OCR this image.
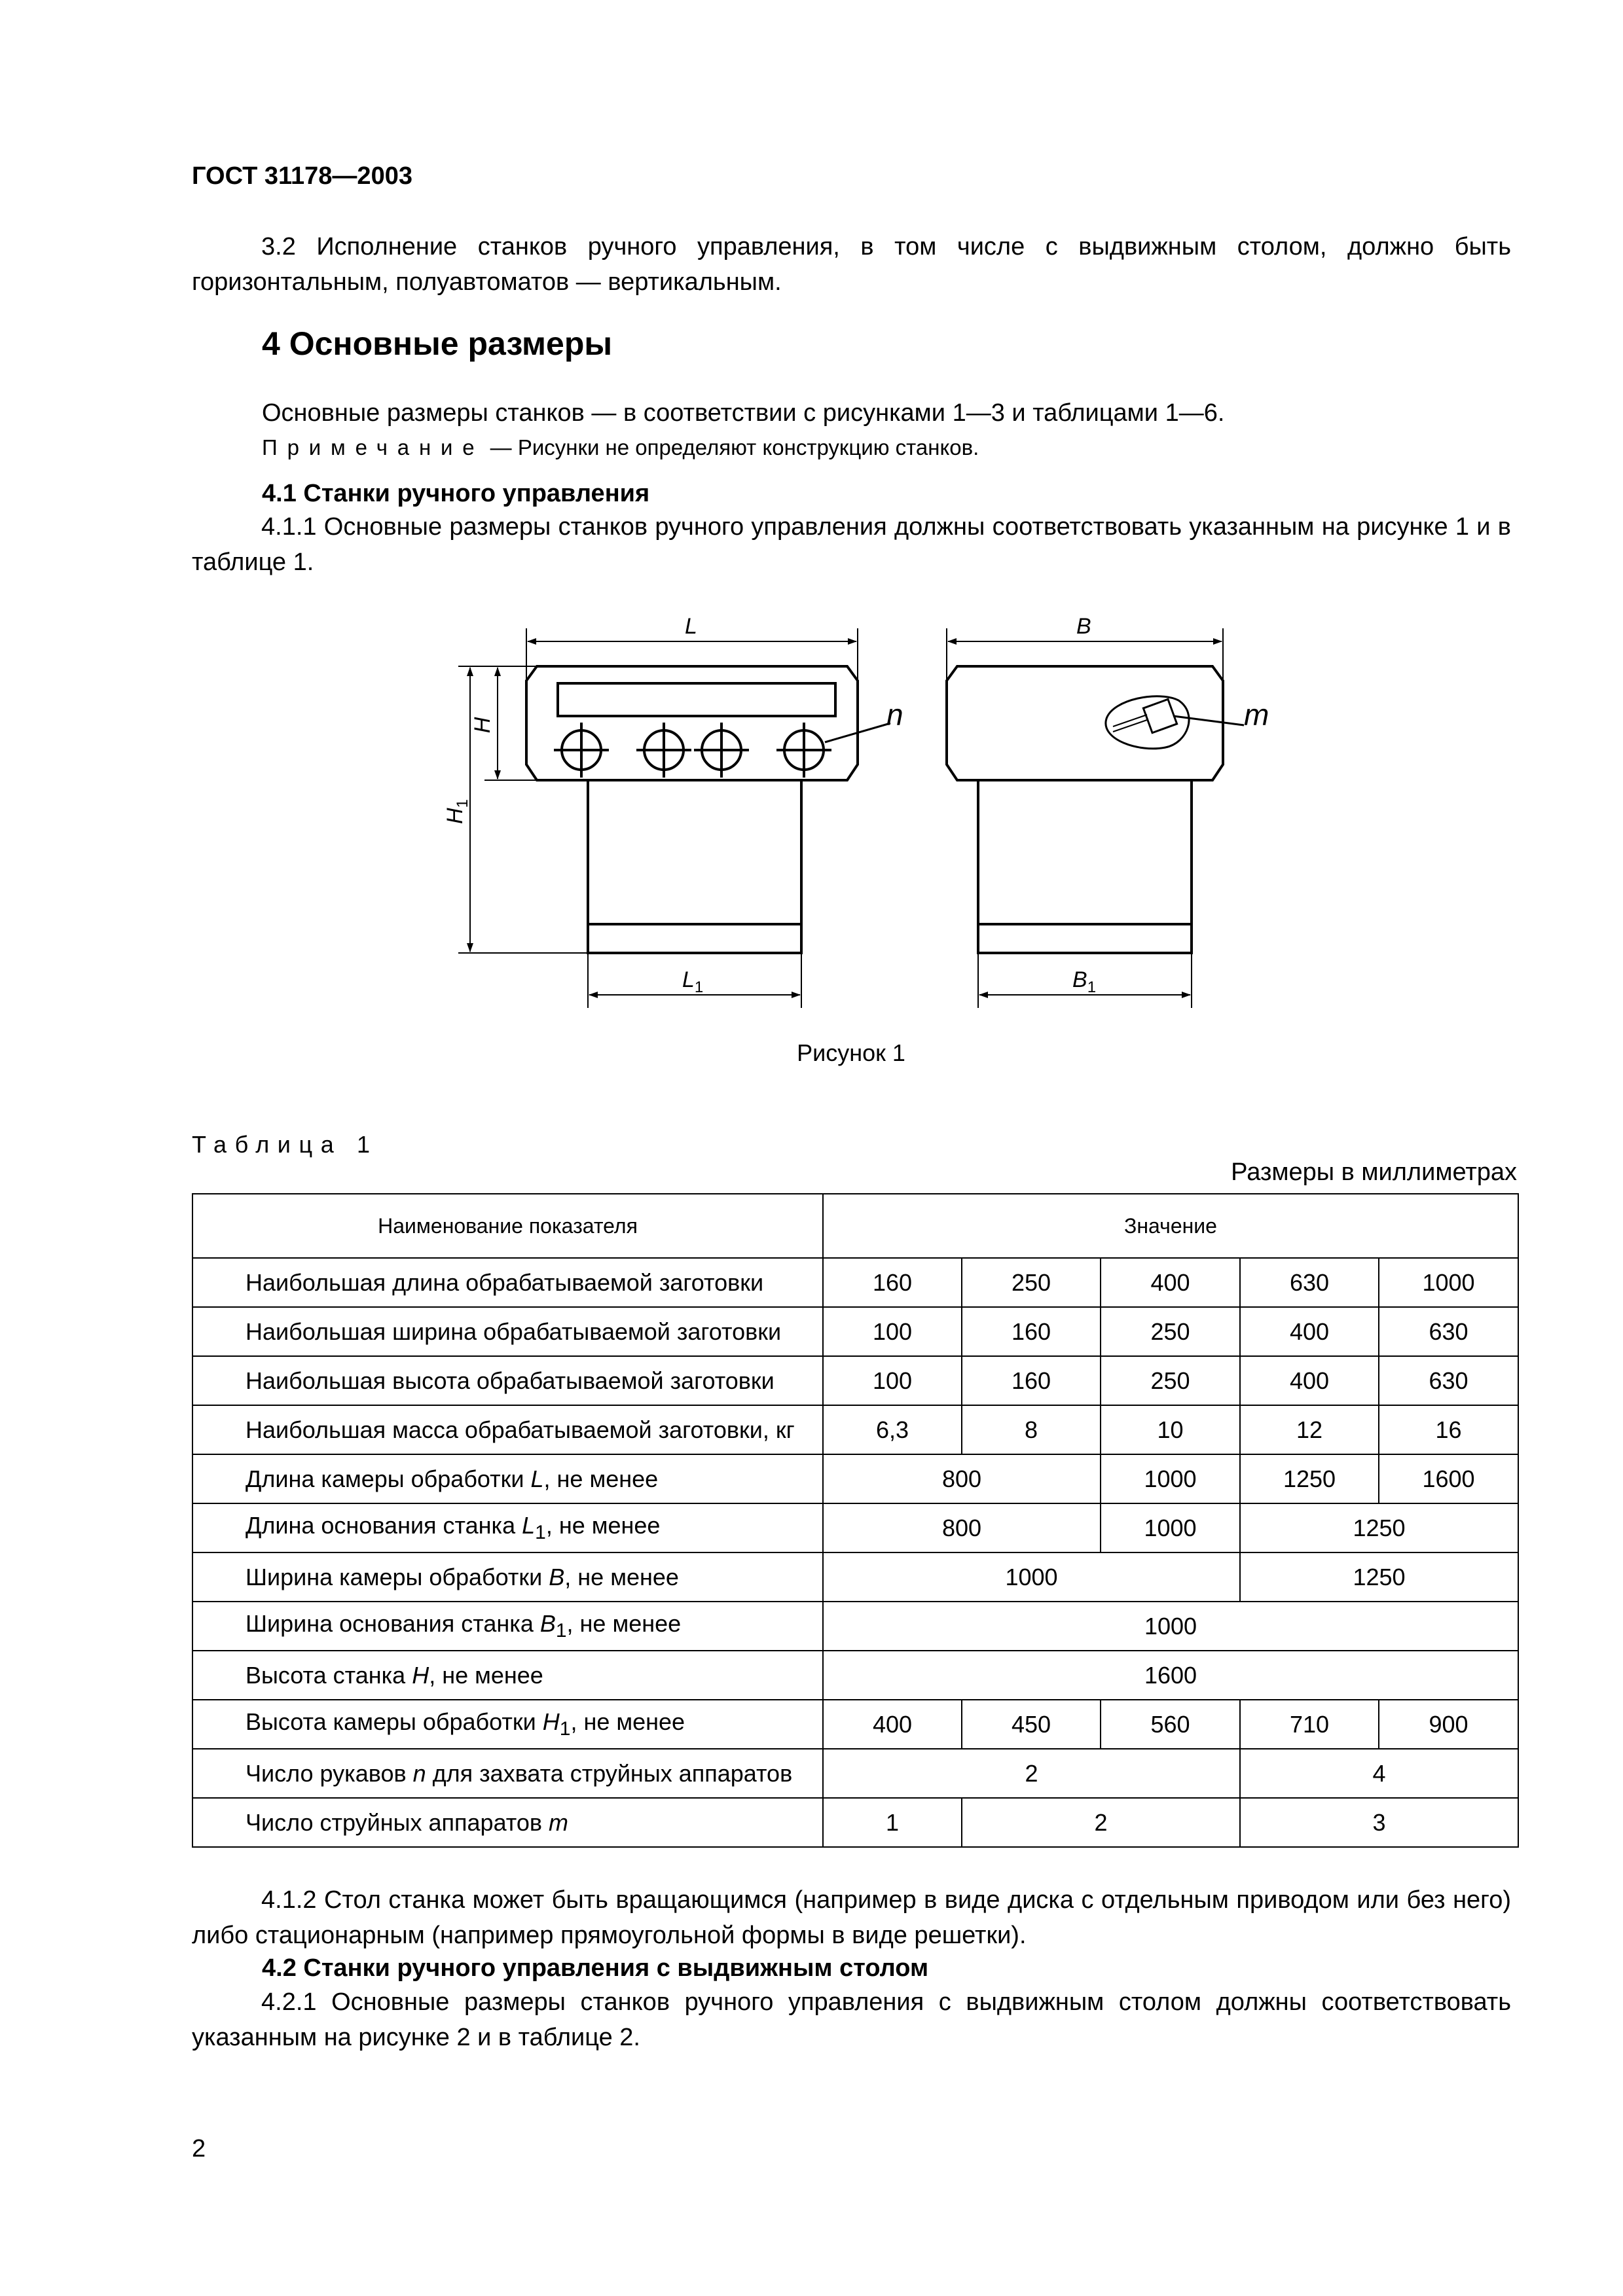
ГОСТ 31178—2003
3.2 Исполнение станков ручного управления, в том числе с выдвижным столом, должно быть горизонтальным, полуавтоматов — вертикальным.
4 Основные размеры
Основные размеры станков — в соответствии с рисунками 1—3 и таблицами 1—6.
Примечание — Рисунки не определяют конструкцию станков.
4.1 Станки ручного управления
4.1.1 Основные размеры станков ручного управления должны соответствовать указанным на рисунке 1 и в таблице 1.
L	B
H
$H_1$
$L_1$	$B_1$
n	m
Рисунок 1
Таблица 1
Размеры в миллиметрах
Наименование показателя	Значение				
Наибольшая длина обрабатываемой заготовки	160	250	400	630	1000
Наибольшая ширина обрабатываемой заготовки	100	160	250	400	630
Наибольшая высота обрабатываемой заготовки	100	160	250	400	630
Наибольшая масса обрабатываемой заготовки, кг	6,3	8	10	12	16
Длина камеры обработки L, не менее	800		1000	1250	1600
Длина основания станка $L_1$, не менее	800		1000	1250	
Ширина камеры обработки B, не менее	1000			1250	
Ширина основания станка $B_1$, не менее	1000				
Высота станка H, не менее	1600				
Высота камеры обработки $H_1$, не менее	400	450	560	710	900
Число рукавов n для захвата струйных аппаратов	2			4	
Число струйных аппаратов m	1	2		3	
4.1.2 Стол станка может быть вращающимся (например в виде диска с отдельным приводом или без него) либо стационарным (например прямоугольной формы в виде решетки).
4.2 Станки ручного управления с выдвижным столом
4.2.1 Основные размеры станков ручного управления с выдвижным столом должны соответствовать указанным на рисунке 2 и в таблице 2.
2
